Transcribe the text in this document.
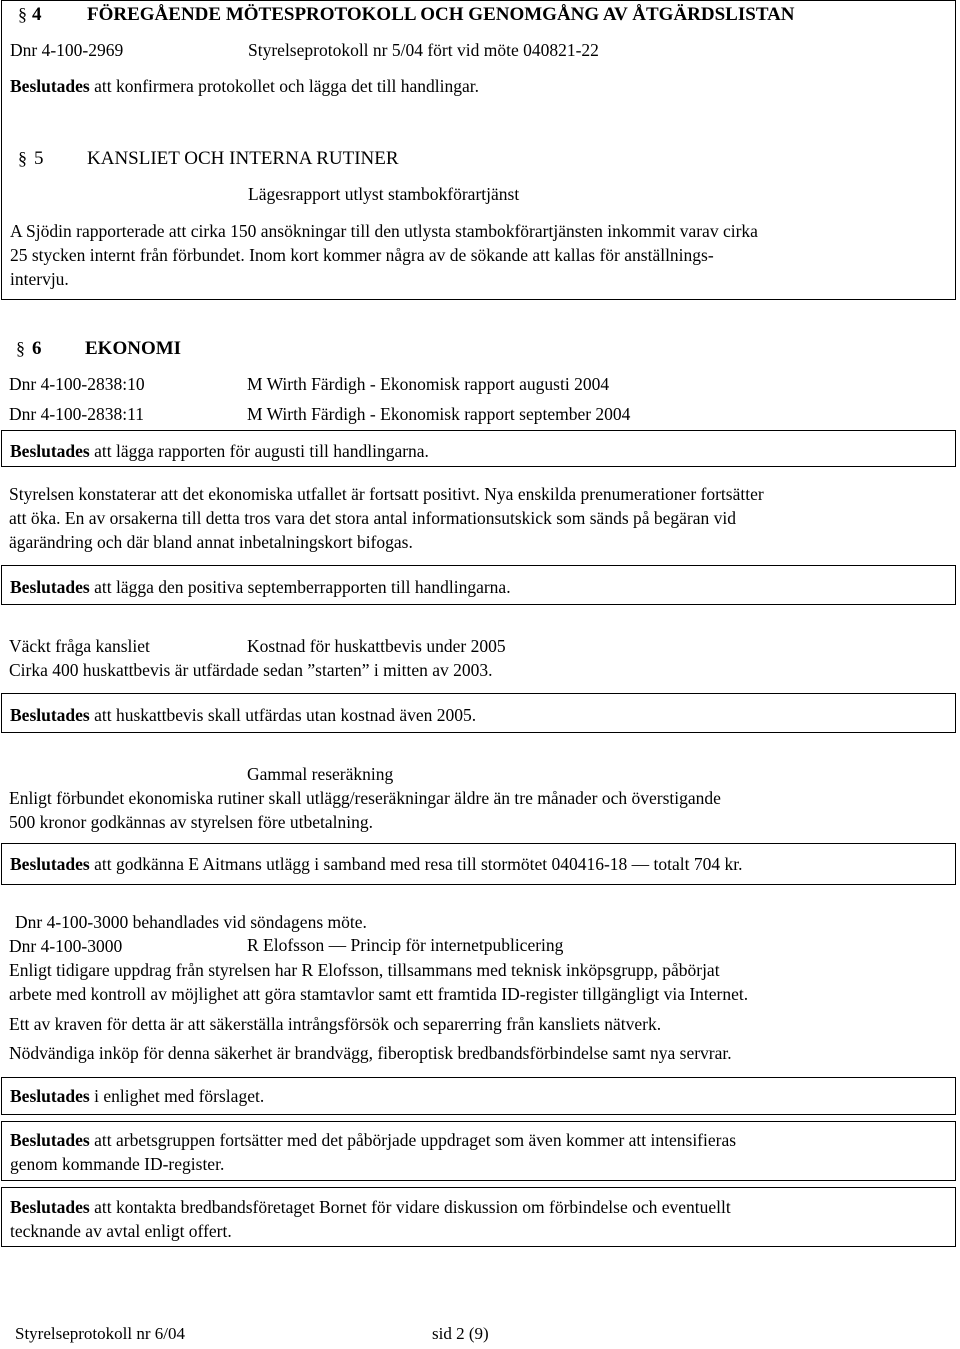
§ 4 FÖREGÅENDE MÖTESPROTOKOLL OCH GENOMGÅNG AV ÅTGÄRDSLISTAN
Dnr 4-100-2969	Styrelseprotokoll nr 5/04 fört vid möte 040821-22
Beslutades att konfirmera protokollet och lägga det till handlingar.
§ 5 KANSLIET OCH INTERNA RUTINER
Lägesrapport utlyst stambokförartjänst
A Sjödin rapporterade att cirka 150 ansökningar till den utlysta stambokförartjänsten inkommit varav cirka
25 stycken internt från förbundet. Inom kort kommer några av de sökande att kallas för anställnings-
intervju.
§ 6 EKONOMI
Dnr 4-100-2838:10	M Wirth Färdigh - Ekonomisk rapport augusti 2004
Dnr 4-100-2838:11	M Wirth Färdigh - Ekonomisk rapport september 2004
Beslutades att lägga rapporten för augusti till handlingarna.
Styrelsen konstaterar att det ekonomiska utfallet är fortsatt positivt. Nya enskilda prenumerationer fortsätter
att öka. En av orsakerna till detta tros vara det stora antal informationsutskick som sänds på begäran vid
ägarändring och där bland annat inbetalningskort bifogas.
Beslutades att lägga den positiva septemberrapporten till handlingarna.
Väckt fråga kansliet	Kostnad för huskattbevis under 2005
Cirka 400 huskattbevis är utfärdade sedan ”starten” i mitten av 2003.
Beslutades att huskattbevis skall utfärdas utan kostnad även 2005.
Gammal reseräkning
Enligt förbundet ekonomiska rutiner skall utlägg/reseräkningar äldre än tre månader och överstigande
500 kronor godkännas av styrelsen före utbetalning.
Beslutades att godkänna E Aitmans utlägg i samband med resa till stormötet 040416-18 — totalt 704 kr.
Dnr 4-100-3000 behandlades vid söndagens möte.
Dnr 4-100-3000	R Elofsson — Princip för internetpublicering
Enligt tidigare uppdrag från styrelsen har R Elofsson, tillsammans med teknisk inköpsgrupp, påbörjat
arbete med kontroll av möjlighet att göra stamtavlor samt ett framtida ID-register tillgängligt via Internet.
Ett av kraven för detta är att säkerställa intrångsförsök och separerring från kansliets nätverk.
Nödvändiga inköp för denna säkerhet är brandvägg, fiberoptisk bredbandsförbindelse samt nya servrar.
Beslutades i enlighet med förslaget.
Beslutades att arbetsgruppen fortsätter med det påbörjade uppdraget som även kommer att intensifieras
genom kommande ID-register.
Beslutades att kontakta bredbandsföretaget Bornet för vidare diskussion om förbindelse och eventuellt
tecknande av avtal enligt offert.
Styrelseprotokoll nr 6/04	sid 2 (9)
